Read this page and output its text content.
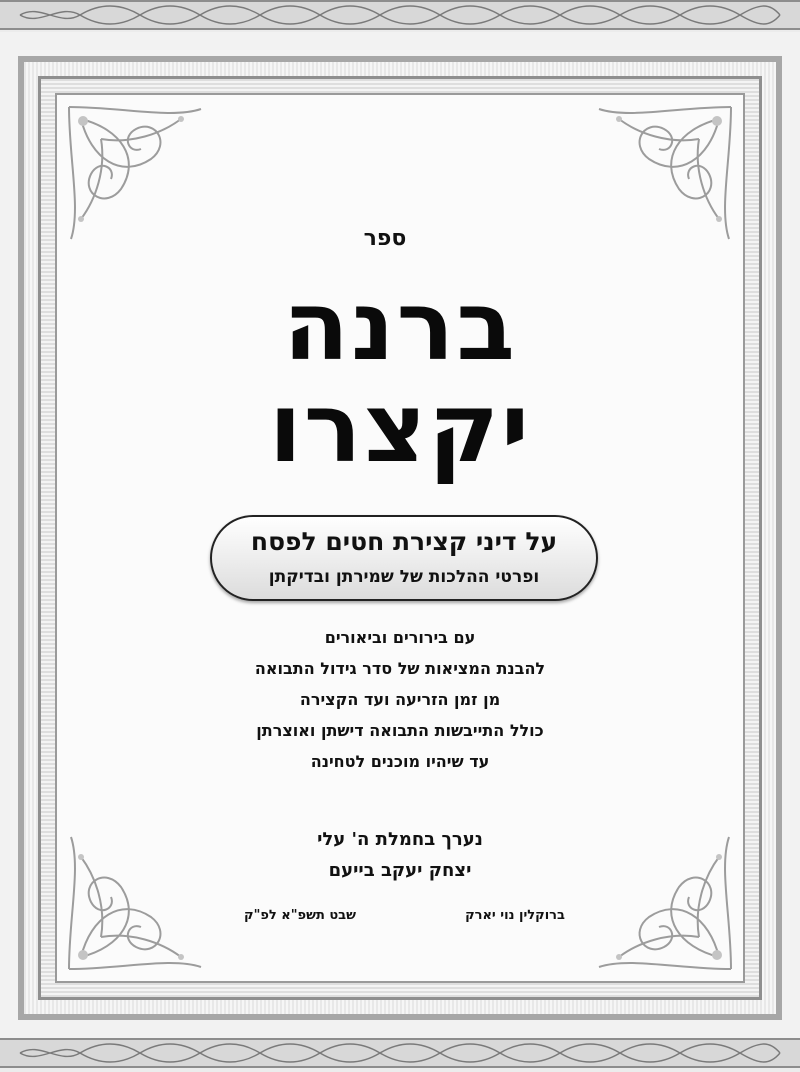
ספר
ברנה
יקצרו
על דיני קצירת חטים לפסח
ופרטי ההלכות של שמירתן ובדיקתן
עם בירורים וביאורים
להבנת המציאות של סדר גידול התבואה
מן זמן הזריעה ועד הקצירה
כולל התייבשות התבואה דישתן ואוצרתן
עד שיהיו מוכנים לטחינה
נערך בחמלת ה' עלי
יצחק יעקב בייעם
ברוקלין נוי יארק
שבט תשפ"א לפ"ק
